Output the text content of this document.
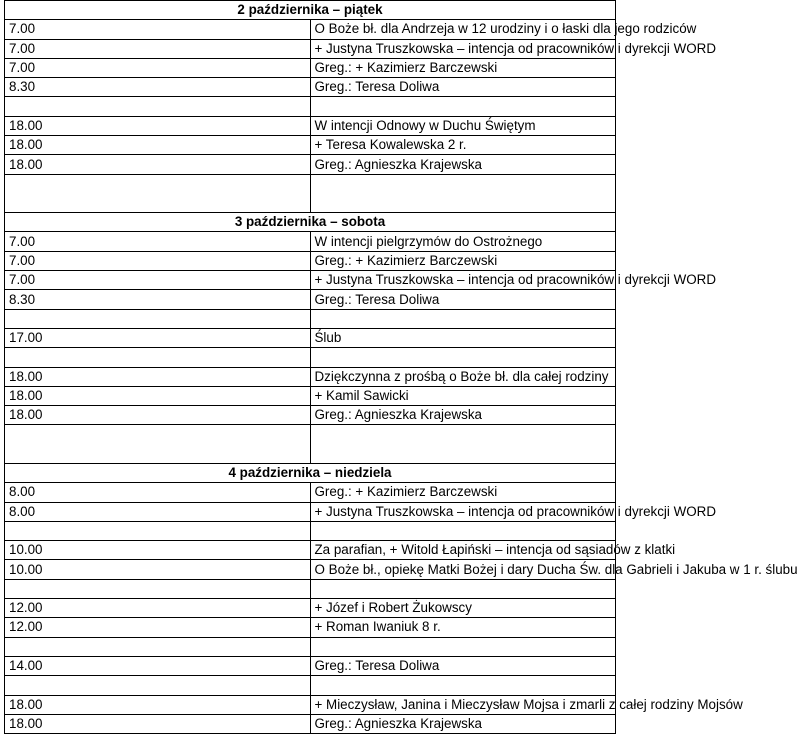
2 października – piątek	
7.00	O Boże bł. dla Andrzeja w 12 urodziny i o łaski dla jego rodziców
7.00	+ Justyna Truszkowska – intencja od pracowników i dyrekcji WORD
7.00	Greg.: + Kazimierz Barczewski
8.30	Greg.: Teresa Doliwa

18.00	W intencji Odnowy w Duchu Świętym
18.00	+ Teresa Kowalewska 2 r.
18.00	Greg.: Agnieszka Krajewska

3 października – sobota	
7.00	W intencji pielgrzymów do Ostrożnego
7.00	Greg.: + Kazimierz Barczewski
7.00	+ Justyna Truszkowska – intencja od pracowników i dyrekcji WORD
8.30	Greg.: Teresa Doliwa

17.00	Ślub

18.00	Dziękczynna z prośbą o Boże bł. dla całej rodziny
18.00	+ Kamil Sawicki
18.00	Greg.: Agnieszka Krajewska

4 października – niedziela	
8.00	Greg.: + Kazimierz Barczewski
8.00	+ Justyna Truszkowska – intencja od pracowników i dyrekcji WORD

10.00	Za parafian, + Witold Łapiński – intencja od sąsiadów z klatki
10.00	O Boże bł., opiekę Matki Bożej i dary Ducha Św. dla Gabrieli i Jakuba w 1 r. ślubu

12.00	+ Józef i Robert Żukowscy
12.00	+ Roman Iwaniuk 8 r.

14.00	Greg.: Teresa Doliwa

18.00	+ Mieczysław, Janina i Mieczysław Mojsa i zmarli z całej rodziny Mojsów
18.00	Greg.: Agnieszka Krajewska
